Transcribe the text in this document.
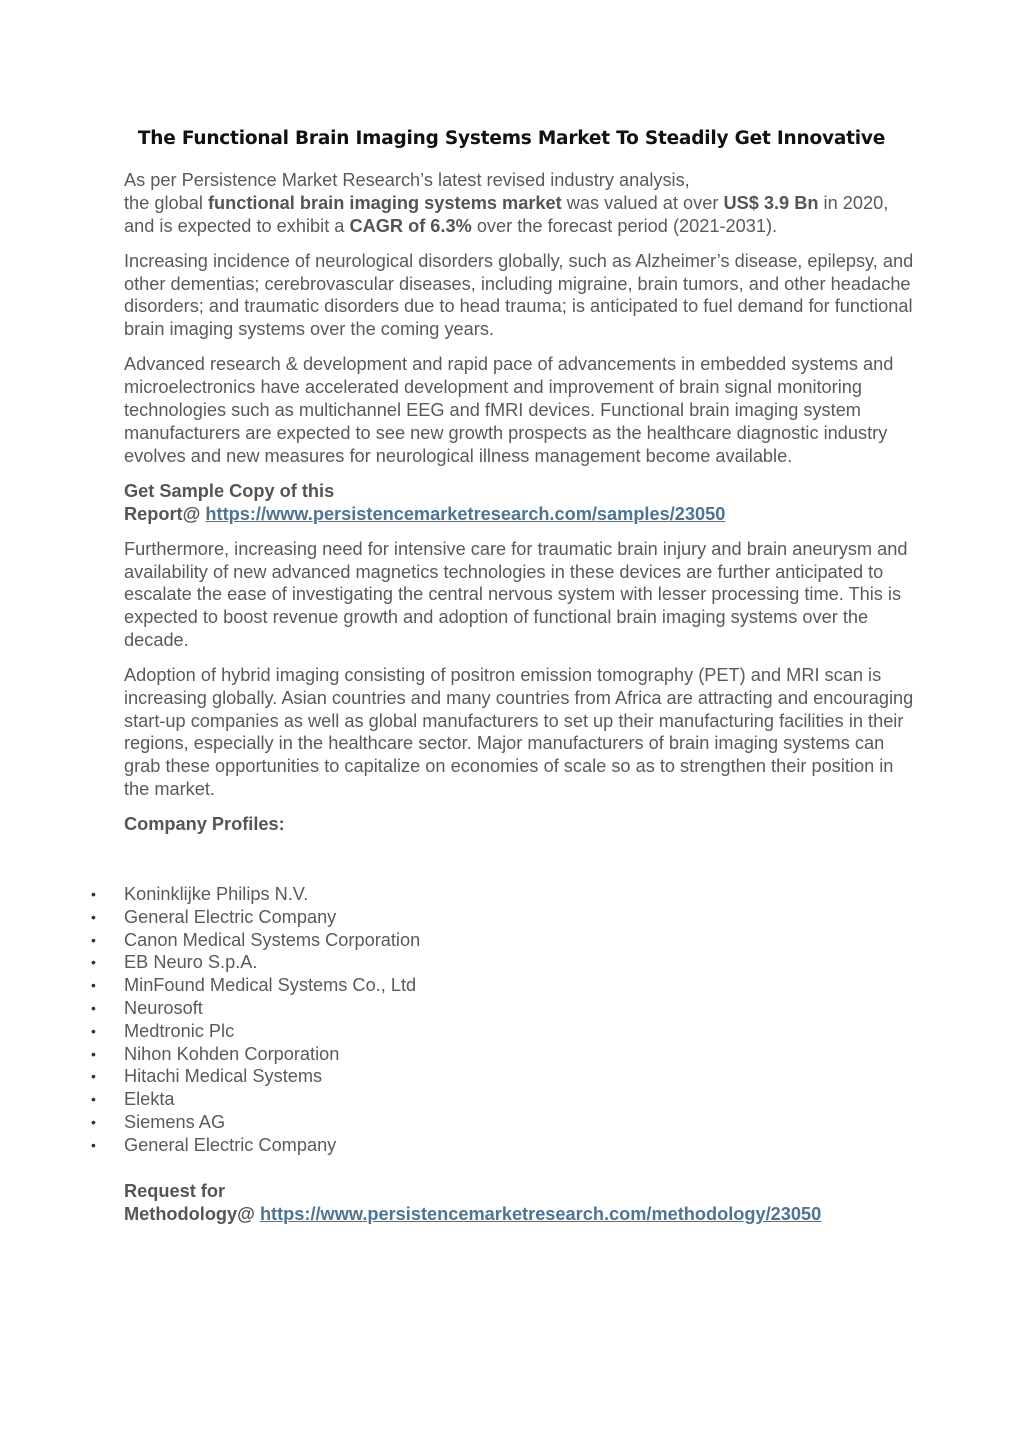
The Functional Brain Imaging Systems Market To Steadily Get Innovative

As per Persistence Market Research’s latest revised industry analysis,
the global functional brain imaging systems market was valued at over US$ 3.9 Bn in 2020, and is expected to exhibit a CAGR of 6.3% over the forecast period (2021-2031).

Increasing incidence of neurological disorders globally, such as Alzheimer’s disease, epilepsy, and other dementias; cerebrovascular diseases, including migraine, brain tumors, and other headache disorders; and traumatic disorders due to head trauma; is anticipated to fuel demand for functional brain imaging systems over the coming years.

Advanced research & development and rapid pace of advancements in embedded systems and microelectronics have accelerated development and improvement of brain signal monitoring technologies such as multichannel EEG and fMRI devices. Functional brain imaging system manufacturers are expected to see new growth prospects as the healthcare diagnostic industry evolves and new measures for neurological illness management become available.

Get Sample Copy of this
Report@ https://www.persistencemarketresearch.com/samples/23050

Furthermore, increasing need for intensive care for traumatic brain injury and brain aneurysm and availability of new advanced magnetics technologies in these devices are further anticipated to escalate the ease of investigating the central nervous system with lesser processing time. This is expected to boost revenue growth and adoption of functional brain imaging systems over the decade.

Adoption of hybrid imaging consisting of positron emission tomography (PET) and MRI scan is increasing globally. Asian countries and many countries from Africa are attracting and encouraging start-up companies as well as global manufacturers to set up their manufacturing facilities in their regions, especially in the healthcare sector. Major manufacturers of brain imaging systems can grab these opportunities to capitalize on economies of scale so as to strengthen their position in the market.

Company Profiles:

• Koninklijke Philips N.V.
• General Electric Company
• Canon Medical Systems Corporation
• EB Neuro S.p.A.
• MinFound Medical Systems Co., Ltd
• Neurosoft
• Medtronic Plc
• Nihon Kohden Corporation
• Hitachi Medical Systems
• Elekta
• Siemens AG
• General Electric Company
Request for
Methodology@ https://www.persistencemarketresearch.com/methodology/23050
